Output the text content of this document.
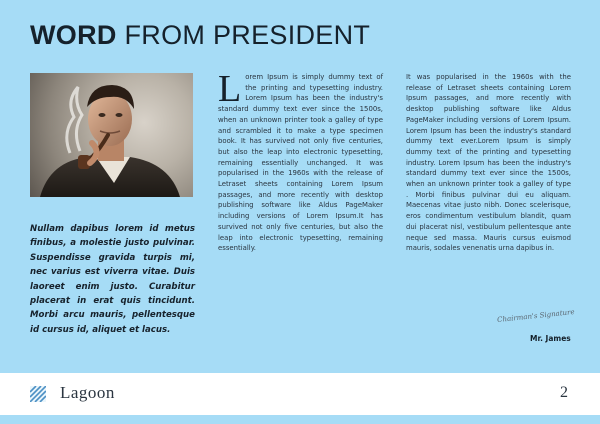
WORD FROM PRESIDENT
Nullam dapibus lorem id metus finibus, a molestie justo pulvinar. Suspendisse gravida turpis mi, nec varius est viverra vitae. Duis laoreet enim justo. Curabitur placerat in erat quis tincidunt. Morbi arcu mauris, pellentesque id cursus id, aliquet et lacus.
Lorem Ipsum is simply dummy text of the printing and typesetting industry. Lorem Ipsum has been the industry's standard dummy text ever since the 1500s, when an unknown printer took a galley of type and scrambled it to make a type specimen book. It has survived not only five centuries, but also the leap into electronic typesetting, remaining essentially unchanged. It was popularised in the 1960s with the release of Letraset sheets containing Lorem Ipsum passages, and more recently with desktop publishing software like Aldus PageMaker including versions of Lorem Ipsum.It has survived not only five centuries, but also the leap into electronic typesetting, remaining essentially.
It was popularised in the 1960s with the release of Letraset sheets containing Lorem Ipsum passages, and more recently with desktop publishing software like Aldus PageMaker including versions of Lorem Ipsum. Lorem Ipsum has been the industry's standard dummy text ever.Lorem Ipsum is simply dummy text of the printing and typesetting industry. Lorem Ipsum has been the industry's standard dummy text ever since the 1500s, when an unknown printer took a galley of type . Morbi finibus pulvinar dui eu aliquam. Maecenas vitae justo nibh. Donec scelerisque, eros condimentum vestibulum blandit, quam dui placerat nisl, vestibulum pellentesque ante neque sed massa. Mauris cursus euismod mauris, sodales venenatis urna dapibus in.
Chairman's Signature
Mr. James
Lagoon	2
